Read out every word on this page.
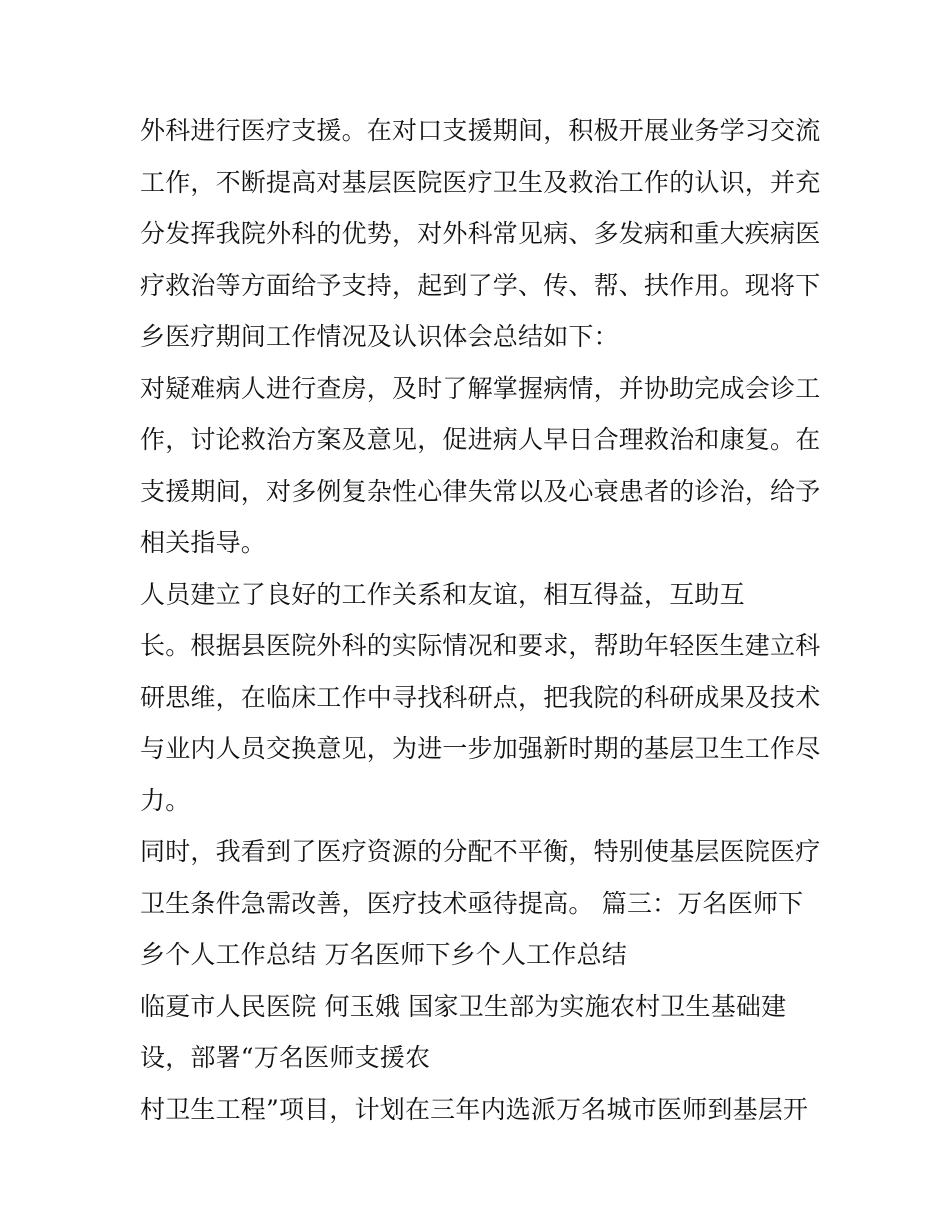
外科进行医疗支援。在对口支援期间，积极开展业务学习交流
工作，不断提高对基层医院医疗卫生及救治工作的认识，并充
分发挥我院外科的优势，对外科常见病、多发病和重大疾病医
疗救治等方面给予支持，起到了学、传、帮、扶作用。现将下
乡医疗期间工作情况及认识体会总结如下：
对疑难病人进行查房，及时了解掌握病情，并协助完成会诊工
作，讨论救治方案及意见，促进病人早日合理救治和康复。在
支援期间，对多例复杂性心律失常以及心衰患者的诊治，给予
相关指导。
人员建立了良好的工作关系和友谊，相互得益，互助互
长。根据县医院外科的实际情况和要求，帮助年轻医生建立科
研思维，在临床工作中寻找科研点，把我院的科研成果及技术
与业内人员交换意见，为进一步加强新时期的基层卫生工作尽
力。
同时，我看到了医疗资源的分配不平衡，特别使基层医院医疗
卫生条件急需改善，医疗技术亟待提高。 篇三：万名医师下
乡个人工作总结 万名医师下乡个人工作总结
临夏市人民医院 何玉娥 国家卫生部为实施农村卫生基础建
设，部署“万名医师支援农
村卫生工程”项目，计划在三年内选派万名城市医师到基层开
